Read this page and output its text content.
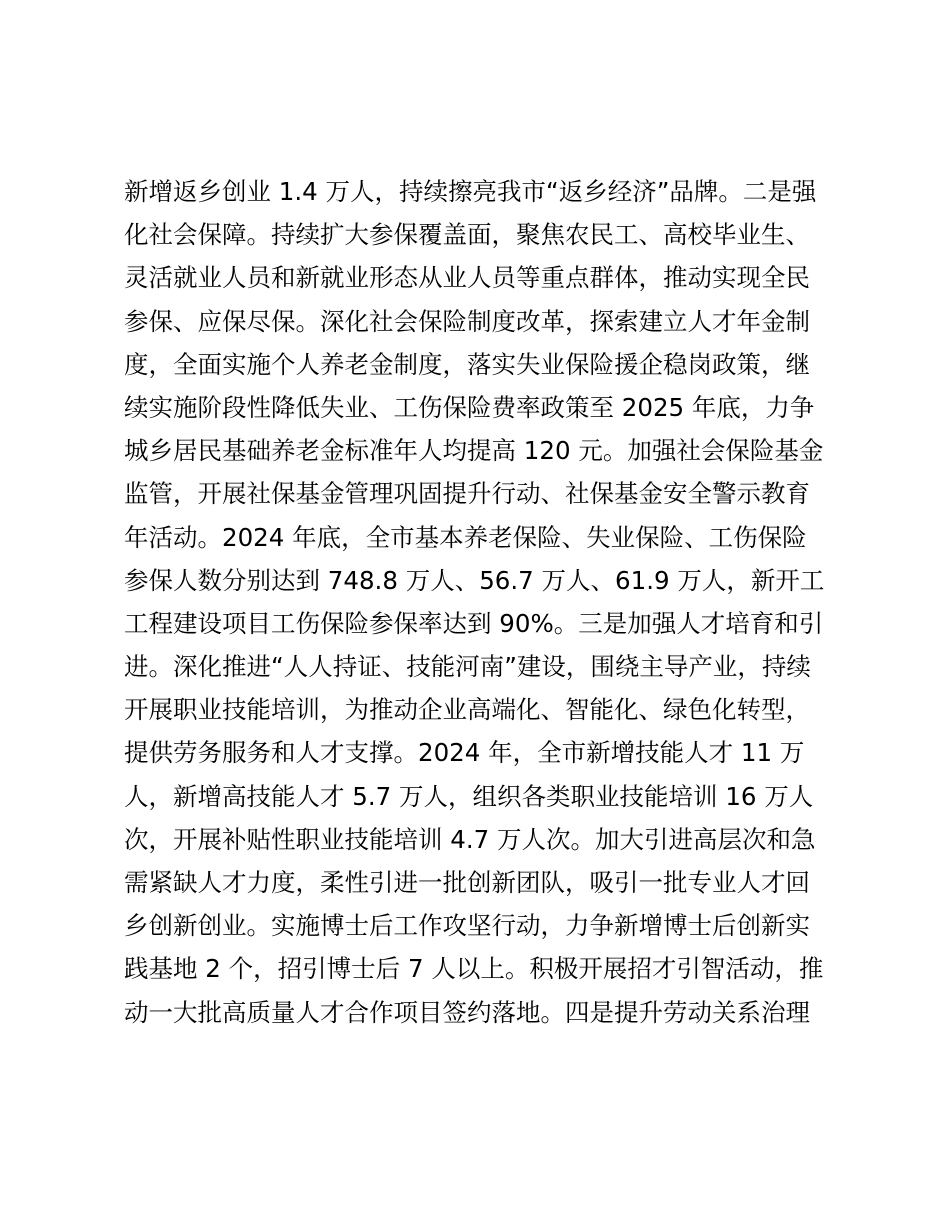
新增返乡创业 1.4 万人，持续擦亮我市“返乡经济”品牌。二是强
化社会保障。持续扩大参保覆盖面，聚焦农民工、高校毕业生、
灵活就业人员和新就业形态从业人员等重点群体，推动实现全民
参保、应保尽保。深化社会保险制度改革，探索建立人才年金制
度，全面实施个人养老金制度，落实失业保险援企稳岗政策，继
续实施阶段性降低失业、工伤保险费率政策至 2025 年底，力争
城乡居民基础养老金标准年人均提高 120 元。加强社会保险基金
监管，开展社保基金管理巩固提升行动、社保基金安全警示教育
年活动。2024 年底，全市基本养老保险、失业保险、工伤保险
参保人数分别达到 748.8 万人、56.7 万人、61.9 万人，新开工
工程建设项目工伤保险参保率达到 90%。三是加强人才培育和引
进。深化推进“人人持证、技能河南”建设，围绕主导产业，持续
开展职业技能培训，为推动企业高端化、智能化、绿色化转型，
提供劳务服务和人才支撑。2024 年，全市新增技能人才 11 万
人，新增高技能人才 5.7 万人，组织各类职业技能培训 16 万人
次，开展补贴性职业技能培训 4.7 万人次。加大引进高层次和急
需紧缺人才力度，柔性引进一批创新团队，吸引一批专业人才回
乡创新创业。实施博士后工作攻坚行动，力争新增博士后创新实
践基地 2 个，招引博士后 7 人以上。积极开展招才引智活动，推
动一大批高质量人才合作项目签约落地。四是提升劳动关系治理
